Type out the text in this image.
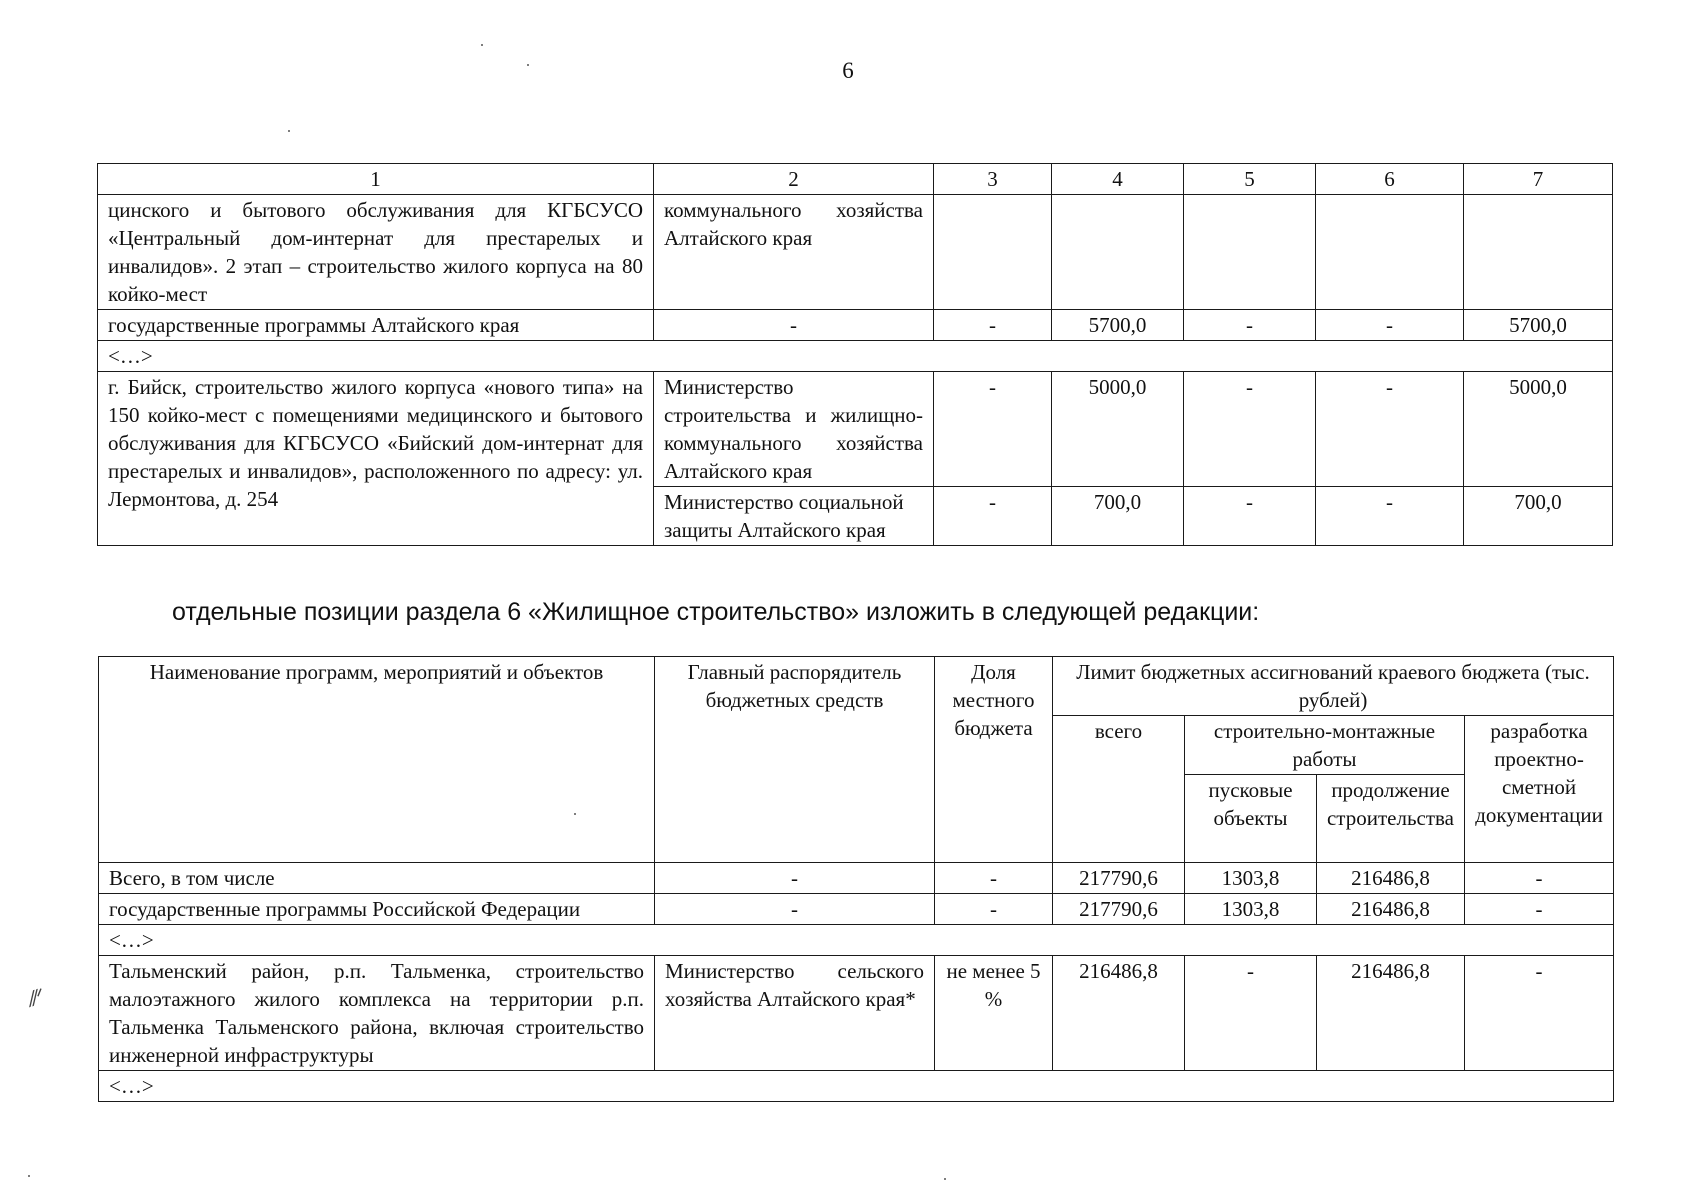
6
1	2	3	4	5	6	7
цинского и бытового обслуживания для КГБСУСО «Центральный дом-интернат для престарелых и инвалидов». 2 этап – строительство жилого корпуса на 80 койко-мест	коммунального хозяйства Алтайского края					
государственные программы Алтайского края	-	-	5700,0	-	-	5700,0
<…>						
г. Бийск, строительство жилого корпуса «нового типа» на 150 койко-мест с помещениями медицинского и бытового обслуживания для КГБСУСО «Бийский дом-интернат для престарелых и инвалидов», расположенного по адресу: ул. Лермонтова, д. 254	Министерство строительства и жилищно-коммунального хозяйства Алтайского края	-	5000,0	-	-	5000,0
	Министерство социальной защиты Алтайского края	-	700,0	-	-	700,0
отдельные позиции раздела 6 «Жилищное строительство» изложить в следующей редакции:
Наименование программ, мероприятий и объектов	Главный распорядитель бюджетных средств	Доля местного бюджета	Лимит бюджетных ассигнований краевого бюджета (тыс. рублей)			
			всего	строительно-монтажные работы		разработка проектно-сметной документации
				пусковые объекты	продолжение строительства	
Всего, в том числе	-	-	217790,6	1303,8	216486,8	-
государственные программы Российской Федерации	-	-	217790,6	1303,8	216486,8	-
<…>						
Тальменский район, р.п. Тальменка, строительство малоэтажного жилого комплекса на территории р.п. Тальменка Тальменского района, включая строительство инженерной инфраструктуры	Министерство сельского хозяйства Алтайского края*	не менее 5 %	216486,8	-	216486,8	-
<…>						
⁄⁄ᐟ
